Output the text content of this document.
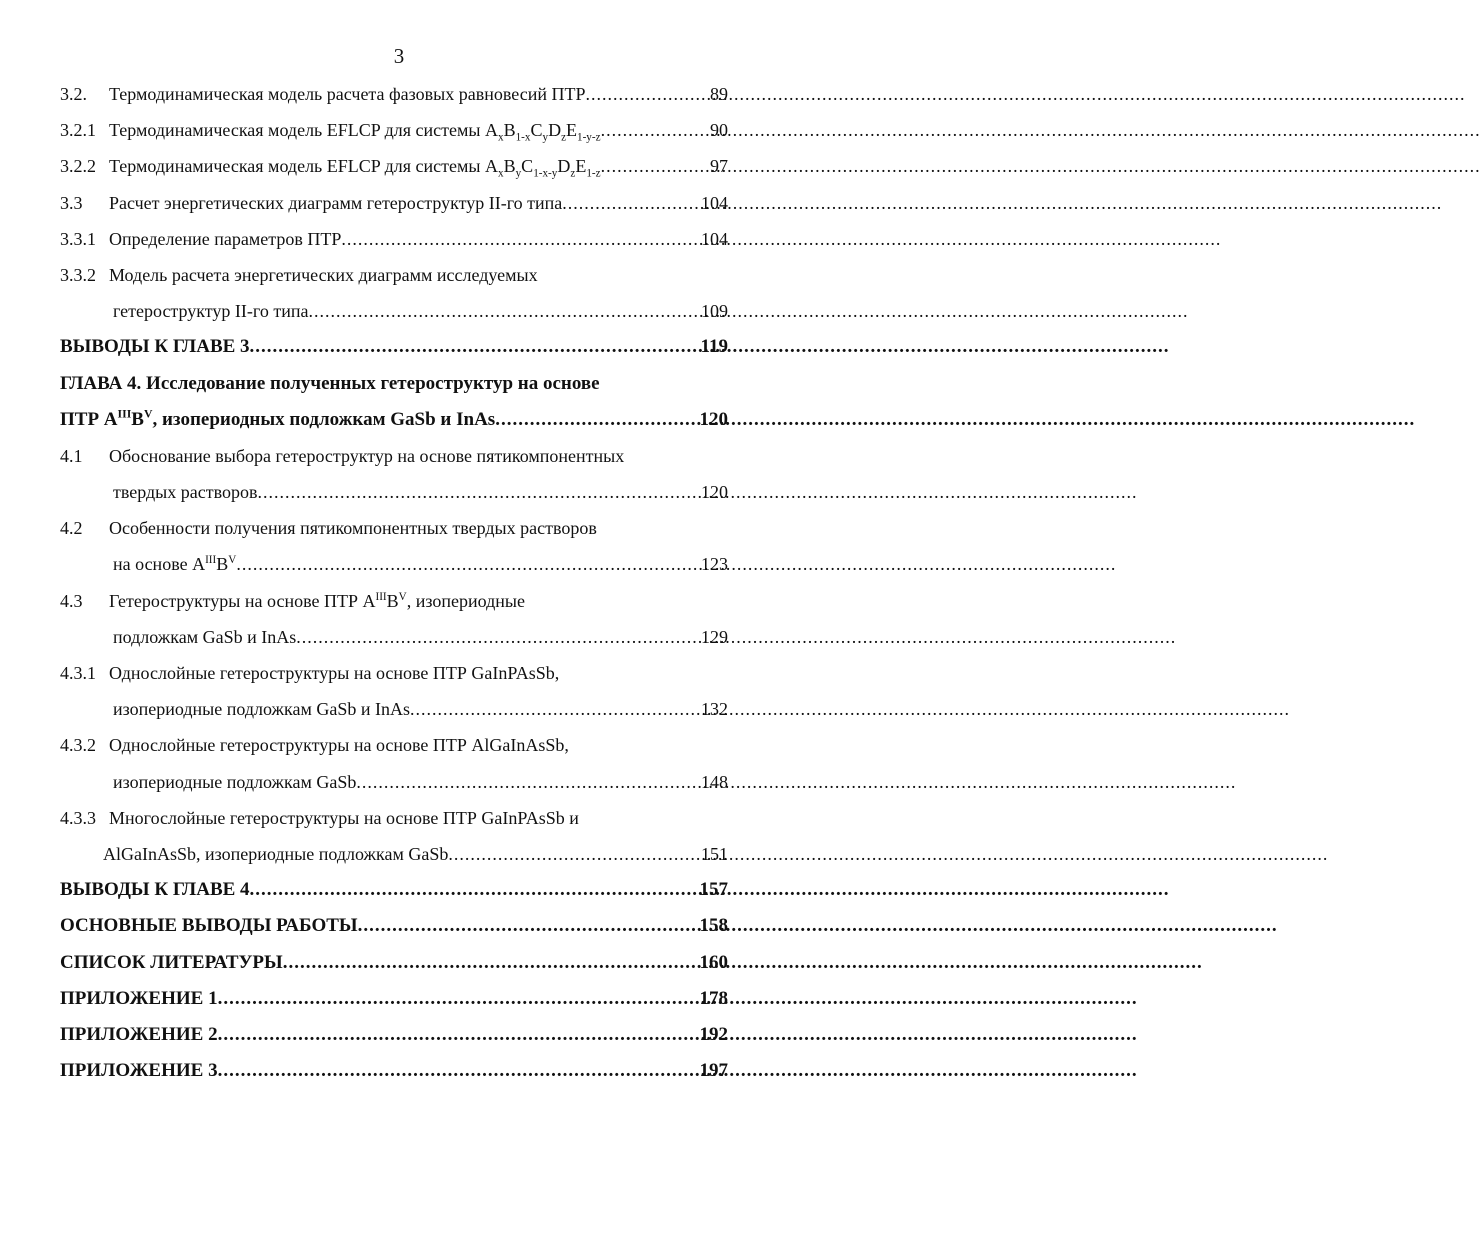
3
3.2.	Термодинамическая модель расчета фазовых равновесий ПТР .....	89
3.2.1 Термодинамическая модель EFLCP для системы $A_xB_{1-x}C_yD_zE_{1-y-z}$ .....	90
3.2.2 Термодинамическая модель EFLCP для системы $A_xB_yC_{1-x-y}D_zE_{1-z}$ .....	97
3.3	Расчет энергетических диаграмм гетероструктур II-го типа .....	104
3.3.1 Определение параметров ПТР .....	104
3.3.2 Модель расчета энергетических диаграмм исследуемых
гетероструктур II-го типа .....	109
ВЫВОДЫ К ГЛАВЕ 3 .....	119
ГЛАВА 4. Исследование полученных гетероструктур на основе
ПТР $A^{III}B^V$, изопериодных подложкам GaSb и InAs .....	120
4.1	Обоснование выбора гетероструктур на основе пятикомпонентных
твердых растворов .....	120
4.2	Особенности получения пятикомпонентных твердых растворов
на основе $A^{III}B^V$ .....	123
4.3	Гетероструктуры на основе ПТР $A^{III}B^V$, изопериодные
подложкам GaSb и InAs .....	129
4.3.1 Однослойные гетероструктуры на основе ПТР GaInPAsSb,
изопериодные подложкам GaSb и InAs .....	132
4.3.2 Однослойные гетероструктуры на основе ПТР AlGaInAsSb,
изопериодные подложкам GaSb .....	148
4.3.3 Многослойные гетероструктуры на основе ПТР GaInPAsSb и
AlGaInAsSb, изопериодные подложкам GaSb .....	151
ВЫВОДЫ К ГЛАВЕ 4 .....	157
ОСНОВНЫЕ ВЫВОДЫ РАБОТЫ .....	158
СПИСОК ЛИТЕРАТУРЫ .....	160
ПРИЛОЖЕНИЕ 1 .....	178
ПРИЛОЖЕНИЕ 2 .....	192
ПРИЛОЖЕНИЕ 3 .....	197
